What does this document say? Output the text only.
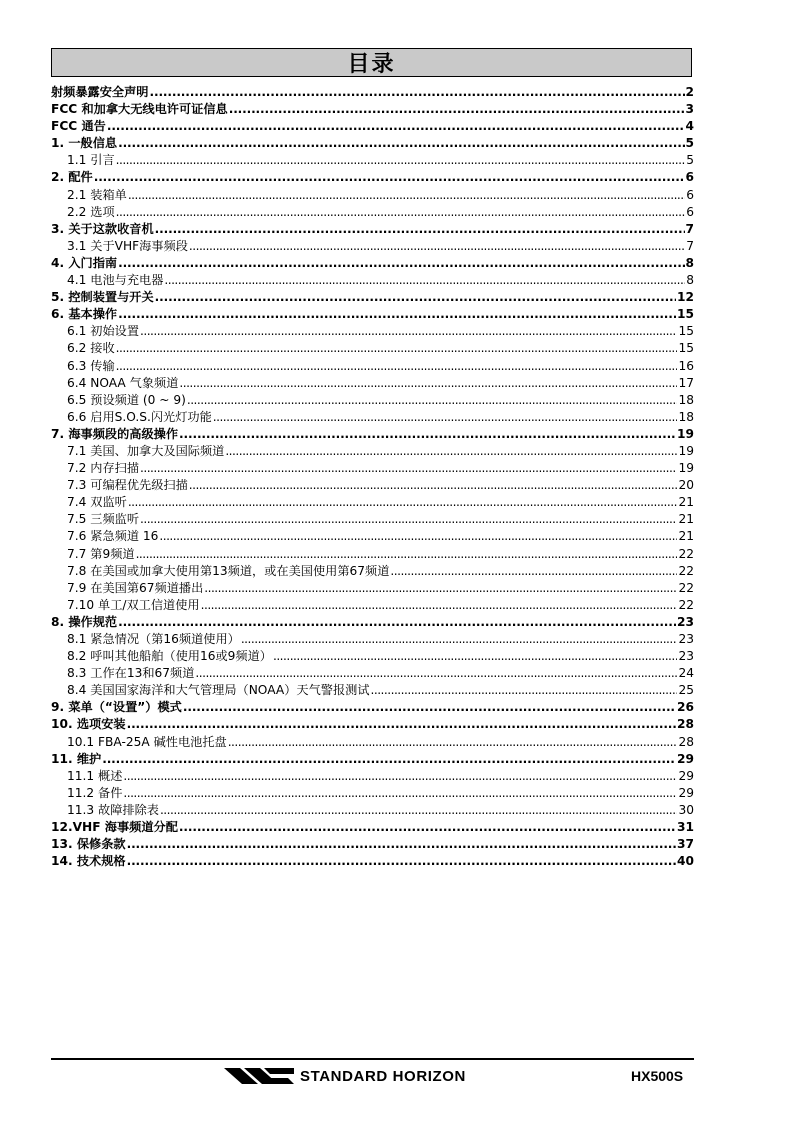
目录
射频暴露安全声明 . . .	2
FCC 和加拿大无线电许可证信息 . . .	3
FCC 通告 . . .	4
1. 一般信息 . . .	5
1.1 引言 . . .	5
2. 配件 . . .	6
2.1 装箱单 . . .	6
2.2 选项 . . .	6
3. 关于这款收音机 . . .	7
3.1 关于VHF海事频段 . . .	7
4. 入门指南 . . .	8
4.1 电池与充电器 . . .	8
5. 控制装置与开关 . . .	12
6. 基本操作 . . .	15
6.1 初始设置 . . .	15
6.2 接收 . . .	15
6.3 传输 . . .	16
6.4 NOAA 气象频道 . . .	17
6.5 预设频道 (0 ~ 9) . . .	18
6.6 启用S.O.S.闪光灯功能 . . .	18
7. 海事频段的高级操作 . . .	19
7.1 美国、加拿大及国际频道 . . .	19
7.2 内存扫描 . . .	19
7.3 可编程优先级扫描 . . .	20
7.4 双监听 . . .	21
7.5 三频监听 . . .	21
7.6 紧急频道 16 . . .	21
7.7 第9频道 . . .	22
7.8 在美国或加拿大使用第13频道，或在美国使用第67频道 . . .	22
7.9 在美国第67频道播出 . . .	22
7.10 单工/双工信道使用 . . .	22
8. 操作规范 . . .	23
8.1 紧急情况（第16频道使用） . . .	23
8.2 呼叫其他船舶（使用16或9频道） . . .	23
8.3 工作在13和67频道 . . .	24
8.4 美国国家海洋和大气管理局（NOAA）天气警报测试 . . .	25
9. 菜单（“设置”）模式 . . .	26
10. 选项安装 . . .	28
10.1 FBA-25A 碱性电池托盘 . . .	28
11. 维护 . . .	29
11.1 概述 . . .	29
11.2 备件 . . .	29
11.3 故障排除表 . . .	30
12.VHF 海事频道分配 . . .	31
13. 保修条款 . . .	37
14. 技术规格 . . .	40
STANDARD HORIZON	HX500S
